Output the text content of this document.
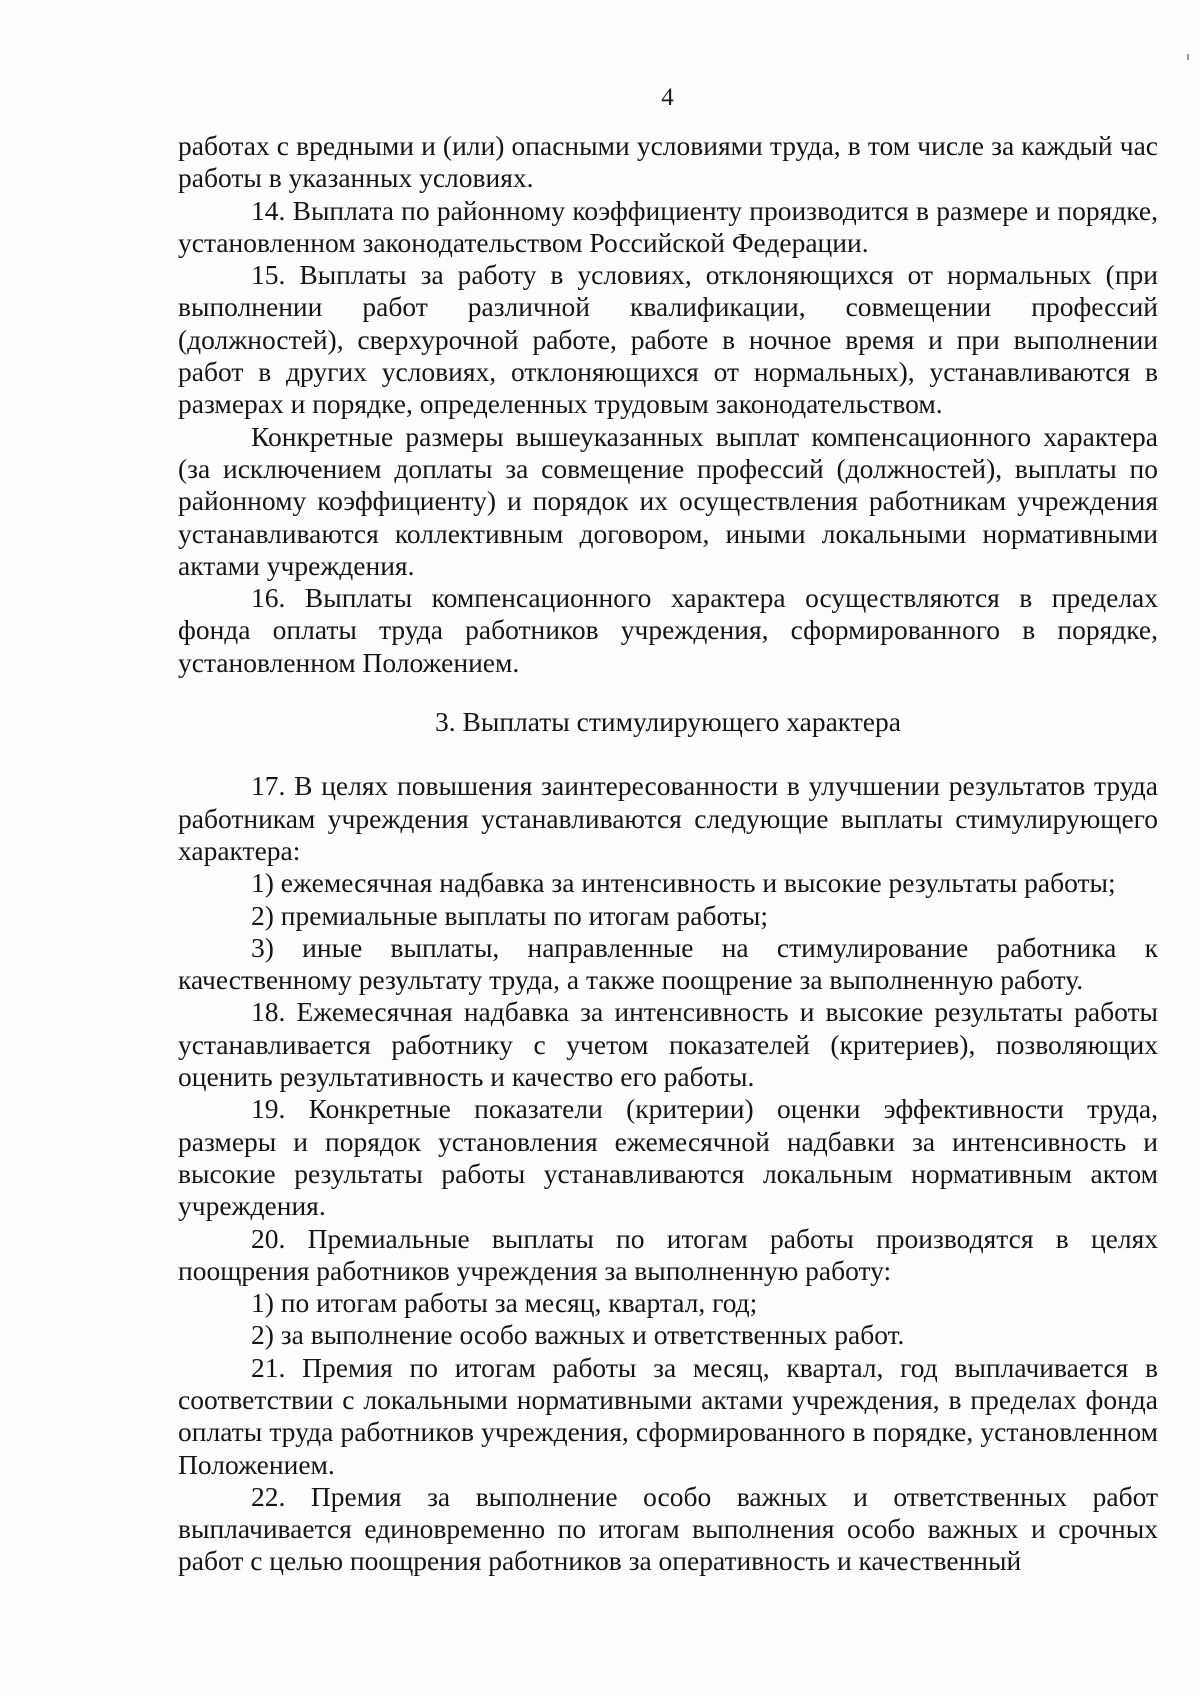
4

работах с вредными и (или) опасными условиями труда, в том числе за каждый час работы в указанных условиях.

14. Выплата по районному коэффициенту производится в размере и порядке, установленном законодательством Российской Федерации.

15. Выплаты за работу в условиях, отклоняющихся от нормальных (при выполнении работ различной квалификации, совмещении профессий (должностей), сверхурочной работе, работе в ночное время и при выполнении работ в других условиях, отклоняющихся от нормальных), устанавливаются в размерах и порядке, определенных трудовым законодательством.

Конкретные размеры вышеуказанных выплат компенсационного характера (за исключением доплаты за совмещение профессий (должностей), выплаты по районному коэффициенту) и порядок их осуществления работникам учреждения устанавливаются коллективным договором, иными локальными нормативными актами учреждения.

16. Выплаты компенсационного характера осуществляются в пределах фонда оплаты труда работников учреждения, сформированного в порядке, установленном Положением.

3. Выплаты стимулирующего характера

17. В целях повышения заинтересованности в улучшении результатов труда работникам учреждения устанавливаются следующие выплаты стимулирующего характера:

1) ежемесячная надбавка за интенсивность и высокие результаты работы;

2) премиальные выплаты по итогам работы;

3) иные выплаты, направленные на стимулирование работника к качественному результату труда, а также поощрение за выполненную работу.

18. Ежемесячная надбавка за интенсивность и высокие результаты работы устанавливается работнику с учетом показателей (критериев), позволяющих оценить результативность и качество его работы.

19. Конкретные показатели (критерии) оценки эффективности труда, размеры и порядок установления ежемесячной надбавки за интенсивность и высокие результаты работы устанавливаются локальным нормативным актом учреждения.

20. Премиальные выплаты по итогам работы производятся в целях поощрения работников учреждения за выполненную работу:

1) по итогам работы за месяц, квартал, год;

2) за выполнение особо важных и ответственных работ.

21. Премия по итогам работы за месяц, квартал, год выплачивается в соответствии с локальными нормативными актами учреждения, в пределах фонда оплаты труда работников учреждения, сформированного в порядке, установленном Положением.

22. Премия за выполнение особо важных и ответственных работ выплачивается единовременно по итогам выполнения особо важных и срочных работ с целью поощрения работников за оперативность и качественный
